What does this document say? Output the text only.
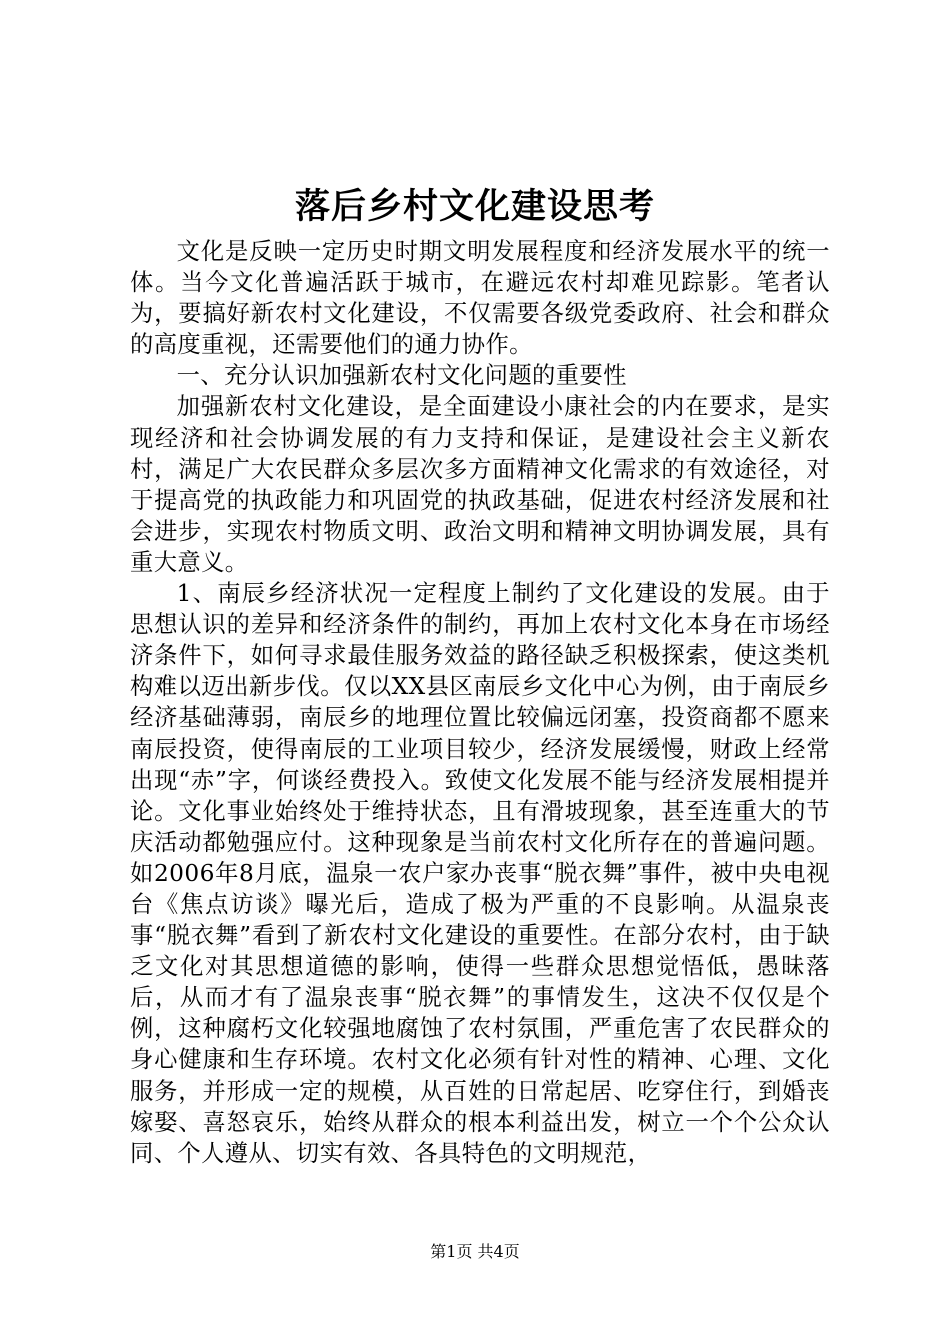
落后乡村文化建设思考

文化是反映一定历史时期文明发展程度和经济发展水平的统一体。当今文化普遍活跃于城市，在避远农村却难见踪影。笔者认为，要搞好新农村文化建设，不仅需要各级党委政府、社会和群众的高度重视，还需要他们的通力协作。

一、充分认识加强新农村文化问题的重要性

加强新农村文化建设，是全面建设小康社会的内在要求，是实现经济和社会协调发展的有力支持和保证，是建设社会主义新农村，满足广大农民群众多层次多方面精神文化需求的有效途径，对于提高党的执政能力和巩固党的执政基础，促进农村经济发展和社会进步，实现农村物质文明、政治文明和精神文明协调发展，具有重大意义。

1、南辰乡经济状况一定程度上制约了文化建设的发展。由于思想认识的差异和经济条件的制约，再加上农村文化本身在市场经济条件下，如何寻求最佳服务效益的路径缺乏积极探索，使这类机构难以迈出新步伐。仅以XX县区南辰乡文化中心为例，由于南辰乡经济基础薄弱，南辰乡的地理位置比较偏远闭塞，投资商都不愿来南辰投资，使得南辰的工业项目较少，经济发展缓慢，财政上经常出现“赤”字，何谈经费投入。致使文化发展不能与经济发展相提并论。文化事业始终处于维持状态，且有滑坡现象，甚至连重大的节庆活动都勉强应付。这种现象是当前农村文化所存在的普遍问题。如2006年8月底，温泉一农户家办丧事“脱衣舞”事件，被中央电视台《焦点访谈》曝光后，造成了极为严重的不良影响。从温泉丧事“脱衣舞”看到了新农村文化建设的重要性。在部分农村，由于缺乏文化对其思想道德的影响，使得一些群众思想觉悟低，愚昧落后，从而才有了温泉丧事“脱衣舞”的事情发生，这决不仅仅是个例，这种腐朽文化较强地腐蚀了农村氛围，严重危害了农民群众的身心健康和生存环境。农村文化必须有针对性的精神、心理、文化服务，并形成一定的规模，从百姓的日常起居、吃穿住行，到婚丧嫁娶、喜怒哀乐，始终从群众的根本利益出发，树立一个个公众认同、个人遵从、切实有效、各具特色的文明规范，

第1页 共4页
